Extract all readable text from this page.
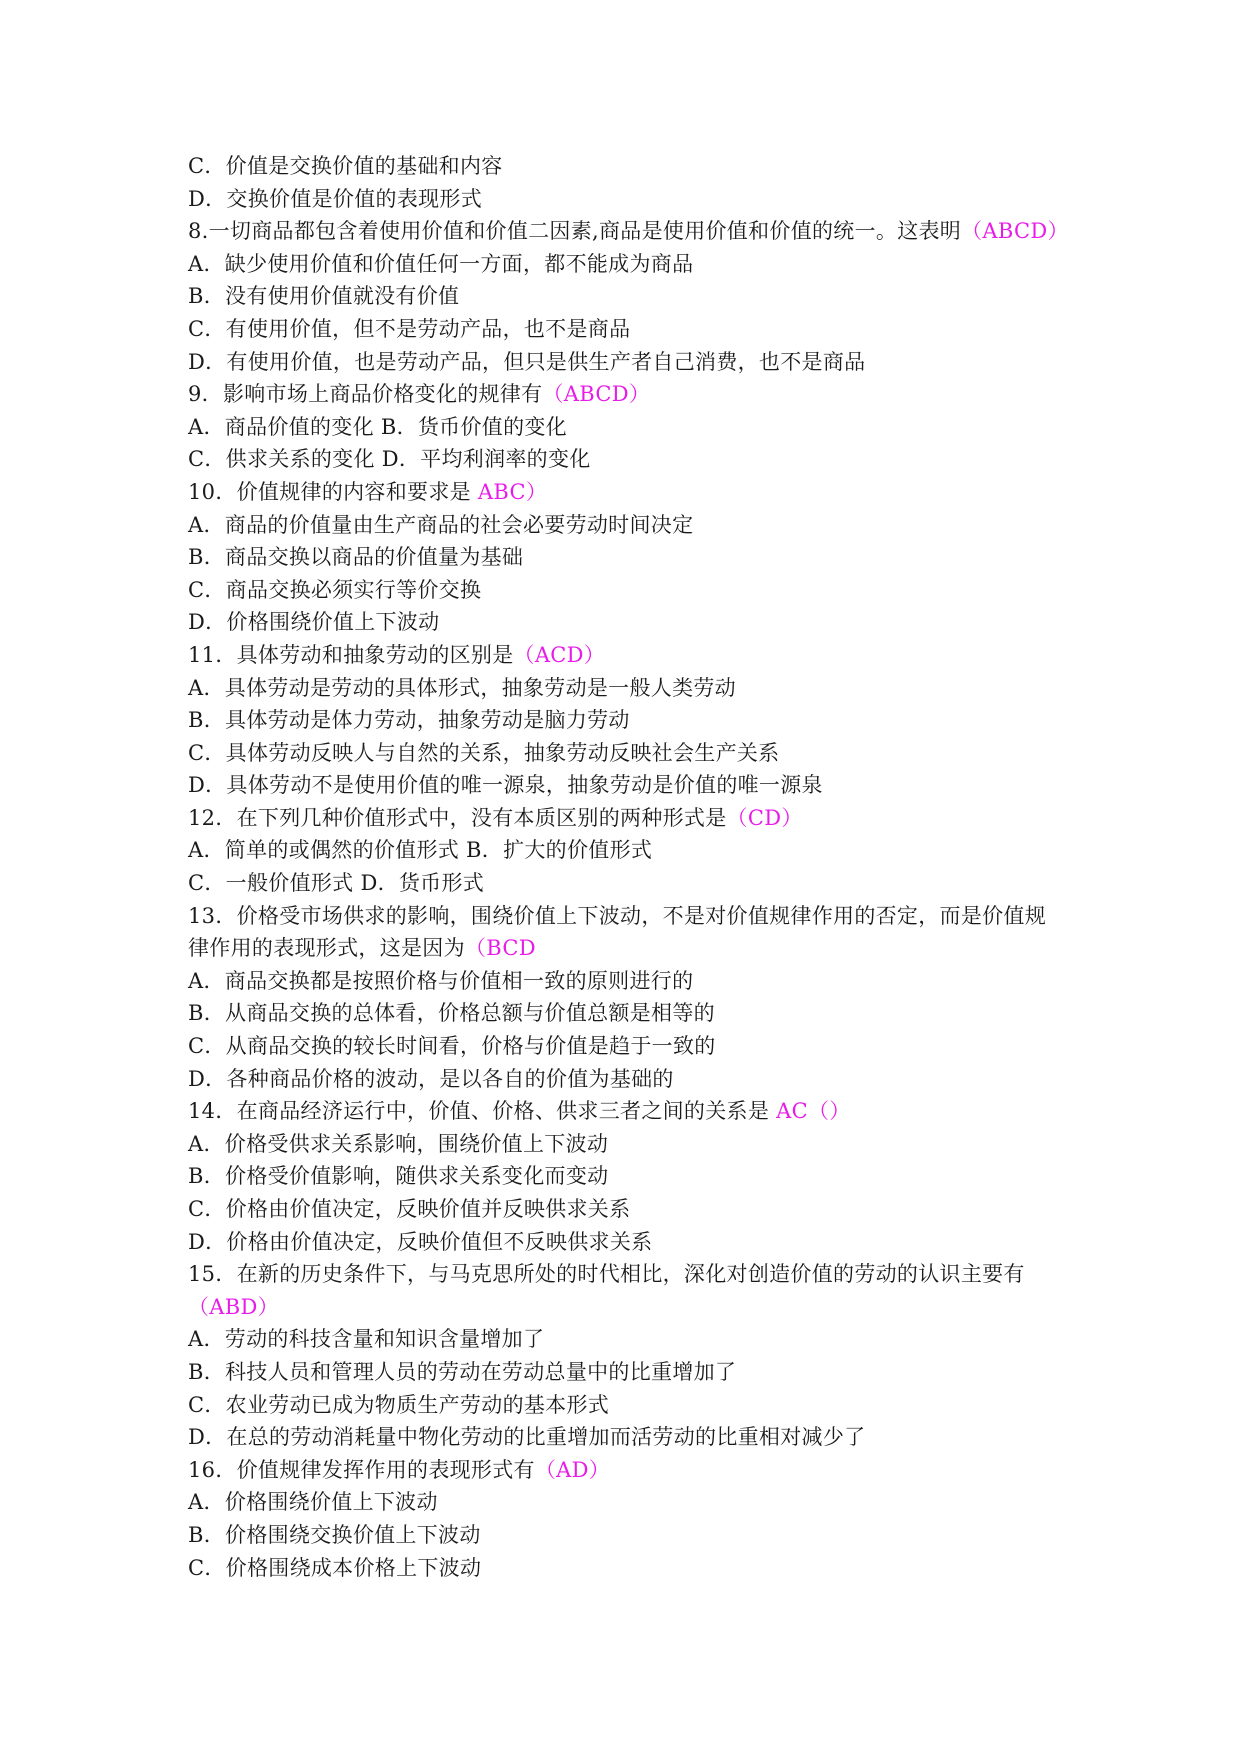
C．价值是交换价值的基础和内容
D．交换价值是价值的表现形式
8.一切商品都包含着使用价值和价值二因素,商品是使用价值和价值的统一。这表明（ABCD）
A．缺少使用价值和价值任何一方面，都不能成为商品
B．没有使用价值就没有价值
C．有使用价值，但不是劳动产品，也不是商品
D．有使用价值，也是劳动产品，但只是供生产者自己消费，也不是商品
9．影响市场上商品价格变化的规律有（ABCD）
A．商品价值的变化 B．货币价值的变化
C．供求关系的变化 D．平均利润率的变化
10．价值规律的内容和要求是 ABC）
A．商品的价值量由生产商品的社会必要劳动时间决定
B．商品交换以商品的价值量为基础
C．商品交换必须实行等价交换
D．价格围绕价值上下波动
11．具体劳动和抽象劳动的区别是（ACD）
A．具体劳动是劳动的具体形式，抽象劳动是一般人类劳动
B．具体劳动是体力劳动，抽象劳动是脑力劳动
C．具体劳动反映人与自然的关系，抽象劳动反映社会生产关系
D．具体劳动不是使用价值的唯一源泉，抽象劳动是价值的唯一源泉
12．在下列几种价值形式中，没有本质区别的两种形式是（CD）
A．简单的或偶然的价值形式 B．扩大的价值形式
C．一般价值形式 D．货币形式
13．价格受市场供求的影响，围绕价值上下波动，不是对价值规律作用的否定，而是价值规
律作用的表现形式，这是因为（BCD
A．商品交换都是按照价格与价值相一致的原则进行的
B．从商品交换的总体看，价格总额与价值总额是相等的
C．从商品交换的较长时间看，价格与价值是趋于一致的
D．各种商品价格的波动，是以各自的价值为基础的
14．在商品经济运行中，价值、价格、供求三者之间的关系是 AC（）
A．价格受供求关系影响，围绕价值上下波动
B．价格受价值影响，随供求关系变化而变动
C．价格由价值决定，反映价值并反映供求关系
D．价格由价值决定，反映价值但不反映供求关系
15．在新的历史条件下，与马克思所处的时代相比，深化对创造价值的劳动的认识主要有
（ABD）
A．劳动的科技含量和知识含量增加了
B．科技人员和管理人员的劳动在劳动总量中的比重增加了
C．农业劳动已成为物质生产劳动的基本形式
D．在总的劳动消耗量中物化劳动的比重增加而活劳动的比重相对减少了
16．价值规律发挥作用的表现形式有（AD）
A．价格围绕价值上下波动
B．价格围绕交换价值上下波动
C．价格围绕成本价格上下波动
